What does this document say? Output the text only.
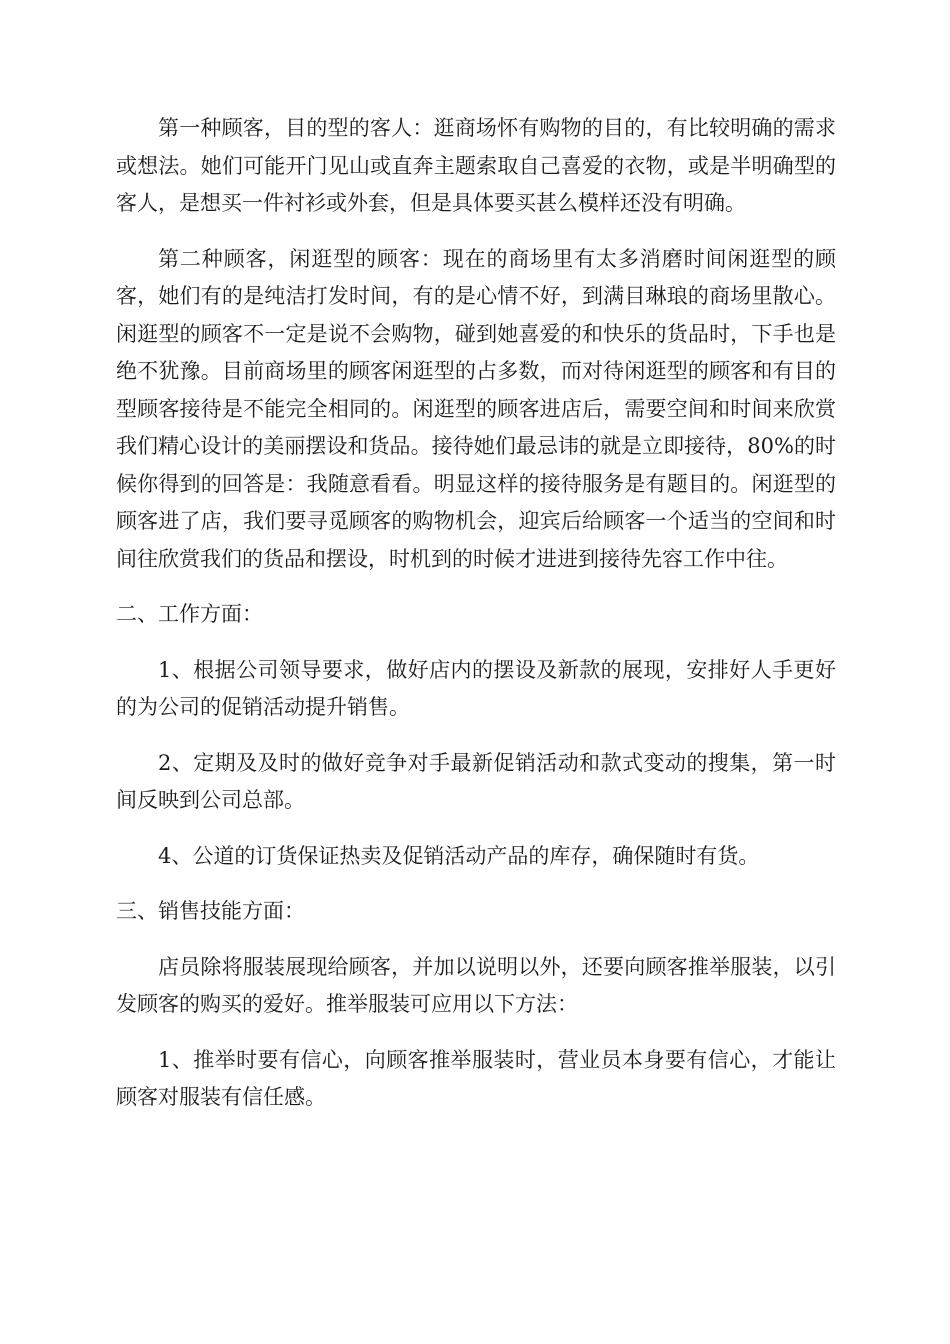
第一种顾客，目的型的客人：逛商场怀有购物的目的，有比较明确的需求或想法。她们可能开门见山或直奔主题索取自己喜爱的衣物，或是半明确型的客人，是想买一件衬衫或外套，但是具体要买甚么模样还没有明确。

第二种顾客，闲逛型的顾客：现在的商场里有太多消磨时间闲逛型的顾客，她们有的是纯洁打发时间，有的是心情不好，到满目琳琅的商场里散心。闲逛型的顾客不一定是说不会购物，碰到她喜爱的和快乐的货品时，下手也是绝不犹豫。目前商场里的顾客闲逛型的占多数，而对待闲逛型的顾客和有目的型顾客接待是不能完全相同的。闲逛型的顾客进店后，需要空间和时间来欣赏我们精心设计的美丽摆设和货品。接待她们最忌讳的就是立即接待，80%的时候你得到的回答是：我随意看看。明显这样的接待服务是有题目的。闲逛型的顾客进了店，我们要寻觅顾客的购物机会，迎宾后给顾客一个适当的空间和时间往欣赏我们的货品和摆设，时机到的时候才进进到接待先容工作中往。

二、工作方面：

1、根据公司领导要求，做好店内的摆设及新款的展现，安排好人手更好的为公司的促销活动提升销售。

2、定期及及时的做好竞争对手最新促销活动和款式变动的搜集，第一时间反映到公司总部。

4、公道的订货保证热卖及促销活动产品的库存，确保随时有货。

三、销售技能方面：

店员除将服装展现给顾客，并加以说明以外，还要向顾客推举服装，以引发顾客的购买的爱好。推举服装可应用以下方法：

1、推举时要有信心，向顾客推举服装时，营业员本身要有信心，才能让顾客对服装有信任感。
